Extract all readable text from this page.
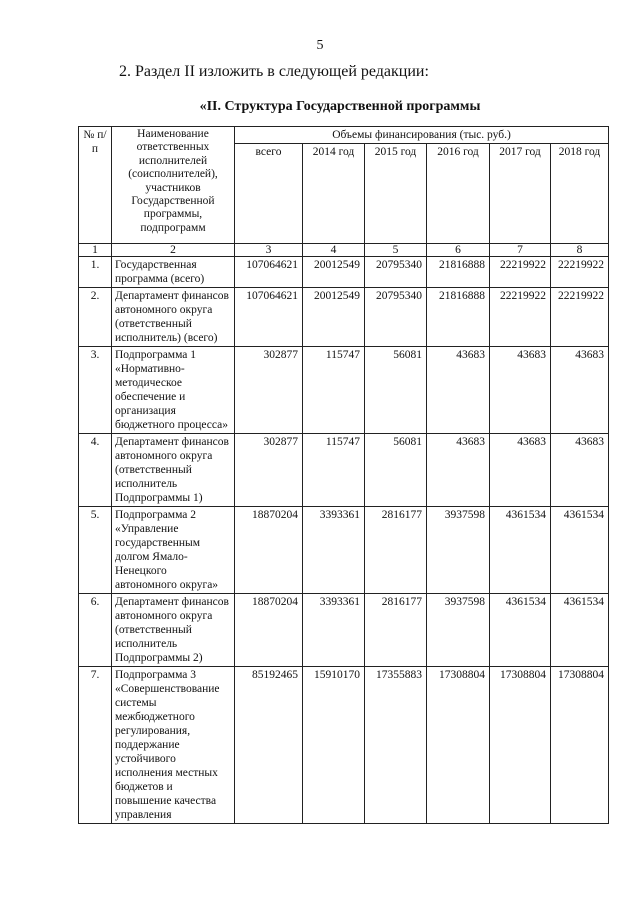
5
2. Раздел II изложить в следующей редакции:
«II. Структура Государственной программы
№ п/п	Наименование ответственных исполнителей (соисполнителей), участников Государственной программы, подпрограмм	Объемы финансирования (тыс. руб.)					
		всего	2014 год	2015 год	2016 год	2017 год	2018 год
1	2	3	4	5	6	7	8
1.	Государственная программа (всего)	107064621	20012549	20795340	21816888	22219922	22219922
2.	Департамент финансов автономного округа (ответственный исполнитель) (всего)	107064621	20012549	20795340	21816888	22219922	22219922
3.	Подпрограмма 1 «Нормативно-методическое обеспечение и организация бюджетного процесса»	302877	115747	56081	43683	43683	43683
4.	Департамент финансов автономного округа (ответственный исполнитель Подпрограммы 1)	302877	115747	56081	43683	43683	43683
5.	Подпрограмма 2 «Управление государственным долгом Ямало-Ненецкого автономного округа»	18870204	3393361	2816177	3937598	4361534	4361534
6.	Департамент финансов автономного округа (ответственный исполнитель Подпрограммы 2)	18870204	3393361	2816177	3937598	4361534	4361534
7.	Подпрограмма 3 «Совершенствование системы межбюджетного регулирования, поддержание устойчивого исполнения местных бюджетов и повышение качества управления	85192465	15910170	17355883	17308804	17308804	17308804
